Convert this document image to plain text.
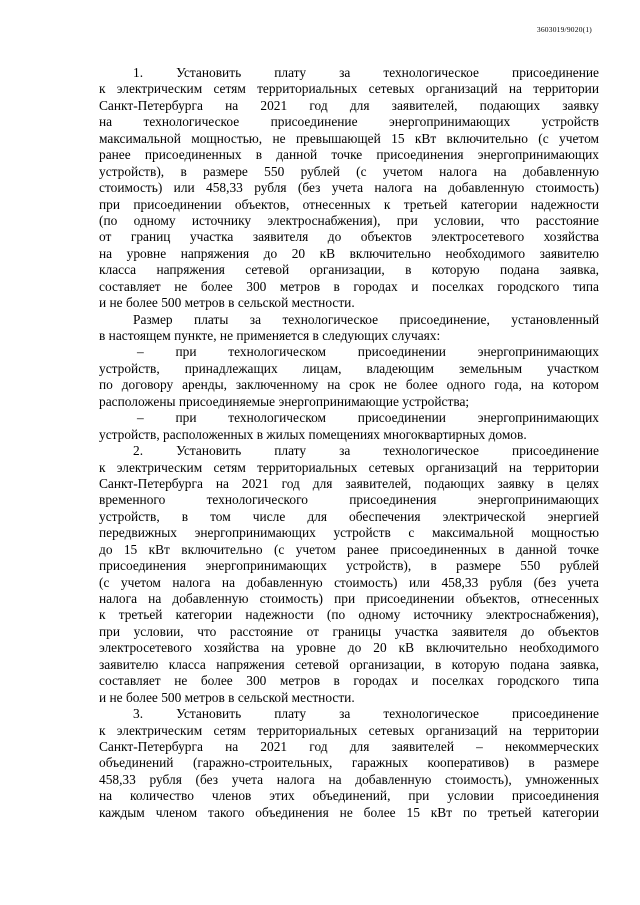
3603019/9020(1)
1. Установить плату за технологическое присоединение
к электрическим сетям территориальных сетевых организаций на территории
Санкт-Петербурга на 2021 год для заявителей, подающих заявку
на технологическое присоединение энергопринимающих устройств
максимальной мощностью, не превышающей 15 кВт включительно (с учетом
ранее присоединенных в данной точке присоединения энергопринимающих
устройств), в размере 550 рублей (с учетом налога на добавленную
стоимость) или 458,33 рубля (без учета налога на добавленную стоимость)
при присоединении объектов, отнесенных к третьей категории надежности
(по одному источнику электроснабжения), при условии, что расстояние
от границ участка заявителя до объектов электросетевого хозяйства
на уровне напряжения до 20 кВ включительно необходимого заявителю
класса напряжения сетевой организации, в которую подана заявка,
составляет не более 300 метров в городах и поселках городского типа
и не более 500 метров в сельской местности.
Размер платы за технологическое присоединение, установленный
в настоящем пункте, не применяется в следующих случаях:
– при технологическом присоединении энергопринимающих
устройств, принадлежащих лицам, владеющим земельным участком
по договору аренды, заключенному на срок не более одного года, на котором
расположены присоединяемые энергопринимающие устройства;
– при технологическом присоединении энергопринимающих
устройств, расположенных в жилых помещениях многоквартирных домов.
2. Установить плату за технологическое присоединение
к электрическим сетям территориальных сетевых организаций на территории
Санкт-Петербурга на 2021 год для заявителей, подающих заявку в целях
временного технологического присоединения энергопринимающих
устройств, в том числе для обеспечения электрической энергией
передвижных энергопринимающих устройств с максимальной мощностью
до 15 кВт включительно (с учетом ранее присоединенных в данной точке
присоединения энергопринимающих устройств), в размере 550 рублей
(с учетом налога на добавленную стоимость) или 458,33 рубля (без учета
налога на добавленную стоимость) при присоединении объектов, отнесенных
к третьей категории надежности (по одному источнику электроснабжения),
при условии, что расстояние от границы участка заявителя до объектов
электросетевого хозяйства на уровне до 20 кВ включительно необходимого
заявителю класса напряжения сетевой организации, в которую подана заявка,
составляет не более 300 метров в городах и поселках городского типа
и не более 500 метров в сельской местности.
3. Установить плату за технологическое присоединение
к электрическим сетям территориальных сетевых организаций на территории
Санкт-Петербурга на 2021 год для заявителей – некоммерческих
объединений (гаражно-строительных, гаражных кооперативов) в размере
458,33 рубля (без учета налога на добавленную стоимость), умноженных
на количество членов этих объединений, при условии присоединения
каждым членом такого объединения не более 15 кВт по третьей категории
